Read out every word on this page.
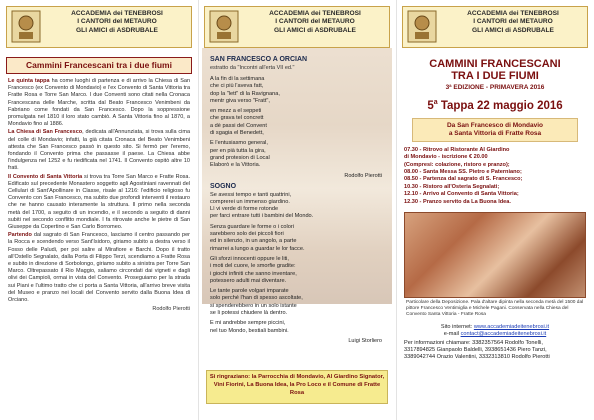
ACCADEMIA dei TENEBROSI
I CANTORI del METAURO
GLI AMICI di ASDRUBALE
Cammini Francescani tra i due fiumi

Le quinta tappa ha come luoghi di partenza e di arrivo la Chiesa di San Francesco (ex Convento di Mondavio) e l'ex Convento di Santa Vittoria tra Fratte Rosa e Torre San Marco. I due Conventi sono citati nella Cronaca Francescana delle Marche, scritta dal Beato Francesco Venimbeni da Fabriano come fondati da San Francesco. Dopo la soppressione promulgata nel 1810 il loro stato cambiò. A Santa Vittoria fino al 1870, a Mondavio fino al 1886.

La Chiesa di San Francesco, dedicata all'Annunziata, si trova sulla cima del colle di Mondavio; infatti, la già citata Cronaca del Beato Venimbeni attesta che San Francesco passò in questo sito. Si fermò per l'eremo, fondando il Convento prima che passasse il paese. La Chiesa abbe l'indulgenza nel 1252 e fu riedificata nel 1741. Il Convento ospitò altre 10 frati.

Il Convento di Santa Vittoria si trova tra Torre San Marco e Fratte Rosa. Edificato sul precedente Monastero soggetto agli Agostiniani ravennati del Cellulari di Sant'Apollinare in Classe, risale al 1216: l'edificio religioso fu Convento con San Francesco, ma subito due profondi interventi il restauro che ne hanno causato interamente la struttura. Il primo nella seconda metà del 1700, a seguito di un incendio, e il secondo a seguito di danni subiti nel secondo conflitto mondiale. I fa ritrovate anche le pietre di San Giuseppe da Copertino e San Carlo Borromeo.

Partendo dal sagrato di San Francesco, lasciamo il centro passando per la Rocca e scendendo verso Sant'Isidoro, giriamo subito a destra verso il Fosso delle Paludi, per poi salire al Mirafiore e Barchi. Dopo il tratto all'Ostello Segnalato, dalla Porta di Filippo Terzi, scendiamo a Fratte Rosa e subito in direzione di Sorbolongo, giriamo subito a sinistra per Torre San Marco. Oltrepassato il Rio Maggio, saliamo circondati dai vigneti e dagli olivi dei Campioli, ormai in vista del Convento. Proseguiamo per la strada sui Piani e l'ultimo tratto che ci porta a Santa Vittoria, all'arrivo breve visita del Museo e pranzo nei locali del Convento servito dalla Buona Idea di Orciano.

Rodolfo Pierotti
ACCADEMIA dei TENEBROSI
I CANTORI del METAURO
GLI AMICI di ASDRUBALE
SAN FRANCESCO A ORCIAN
estratto da "Incontri all'erta VII ed."

A la fin di la settimana
che ci più l'aveva fatt,
dop la "lett" di la Ravignana,
mentr giva verso "Fratt",

en mezz a el seppeti
che grava tel concrett
a dè passi del Convent
di sgagia el Benedett,

E l'entusiasmo general,
per en pià tutta la gira,
grand protesion di Local
Elaborò e la Vittoria.

Rodolfo Pierotti
SOGNO

Se avessi tempo e tanti quattrini,
comprerei un immenso giardino.
Lì vi verde di forme rotonde
per farci entrare tutti i bambini del Mondo.

Senza guardare le forme o i colori
sarebbero solo dei piccoli fiori
ed in silenzio, in un angolo, a parte
rimarrei a lungo a guardar le lor facce.

Gli sforzi innocenti oppure le liti,
i moti del cuore, le smorfie gradite:
i giochi infiniti che sanno inventare,
potessero adulti mai diventare.

Le tante parole volgari imparate
solo perché l'han di spesso ascoltate,
si spenderebbero in un solo istante
se li potessi chiudere là dentro.

E mi andrebbe sempre piccini,
nel tuo Mondo, bestiali bambini.

Luigi Storliero
Si ringraziano: la Parrocchia di Mondavio, Al Giardino Signator, Vini Fiorini, La Buona Idea, la Pro Loco e il Comune di Fratte Rosa
ACCADEMIA dei TENEBROSI
I CANTORI del METAURO
GLI AMICI di ASDRUBALE
CAMMINI FRANCESCANI
TRA I DUE FIUMI
3ª EDIZIONE - PRIMAVERA 2016
5$^a$ Tappa 22 maggio 2016
Da San Francesco di Mondavio
a Santa Vittoria di Fratte Rosa
07.30 - Ritrovo al Ristorante Al Giardino
di Mondavio - iscrizione € 20.00
(Compresi: colazione, ristoro e pranzo);
08.00 - Santa Messa SS. Pietro e Paterniano;
08.50 - Partenza dal sagrato di S. Francesco;
10.30 - Ristoro all'Osteria Segnalati;
12.10 - Arrivo al Convento di Santa Vittoria;
12.30 - Pranzo servito da La Buona Idea.
Particolare della Deposizione. Pala d'altare dipinta nella seconda metà del 1500 dal pittore Francesco Ventimiglia e Michele Pagani. Conservata nella Chiesa del Convento Santa Vittoria - Fratte Rosa
Sito internet: www.accademiadeitenebrosi.it
e-mail contact@accademiadeitenebrosi.it
Per informazioni chiamare: 3382357564 Rodolfo Tonelli,
3317894825 Gianpaolo Baldelli, 3938651436 Piero Tanzi,
3389042744 Orazio Valentini, 3332313810 Rodolfo Pierotti
